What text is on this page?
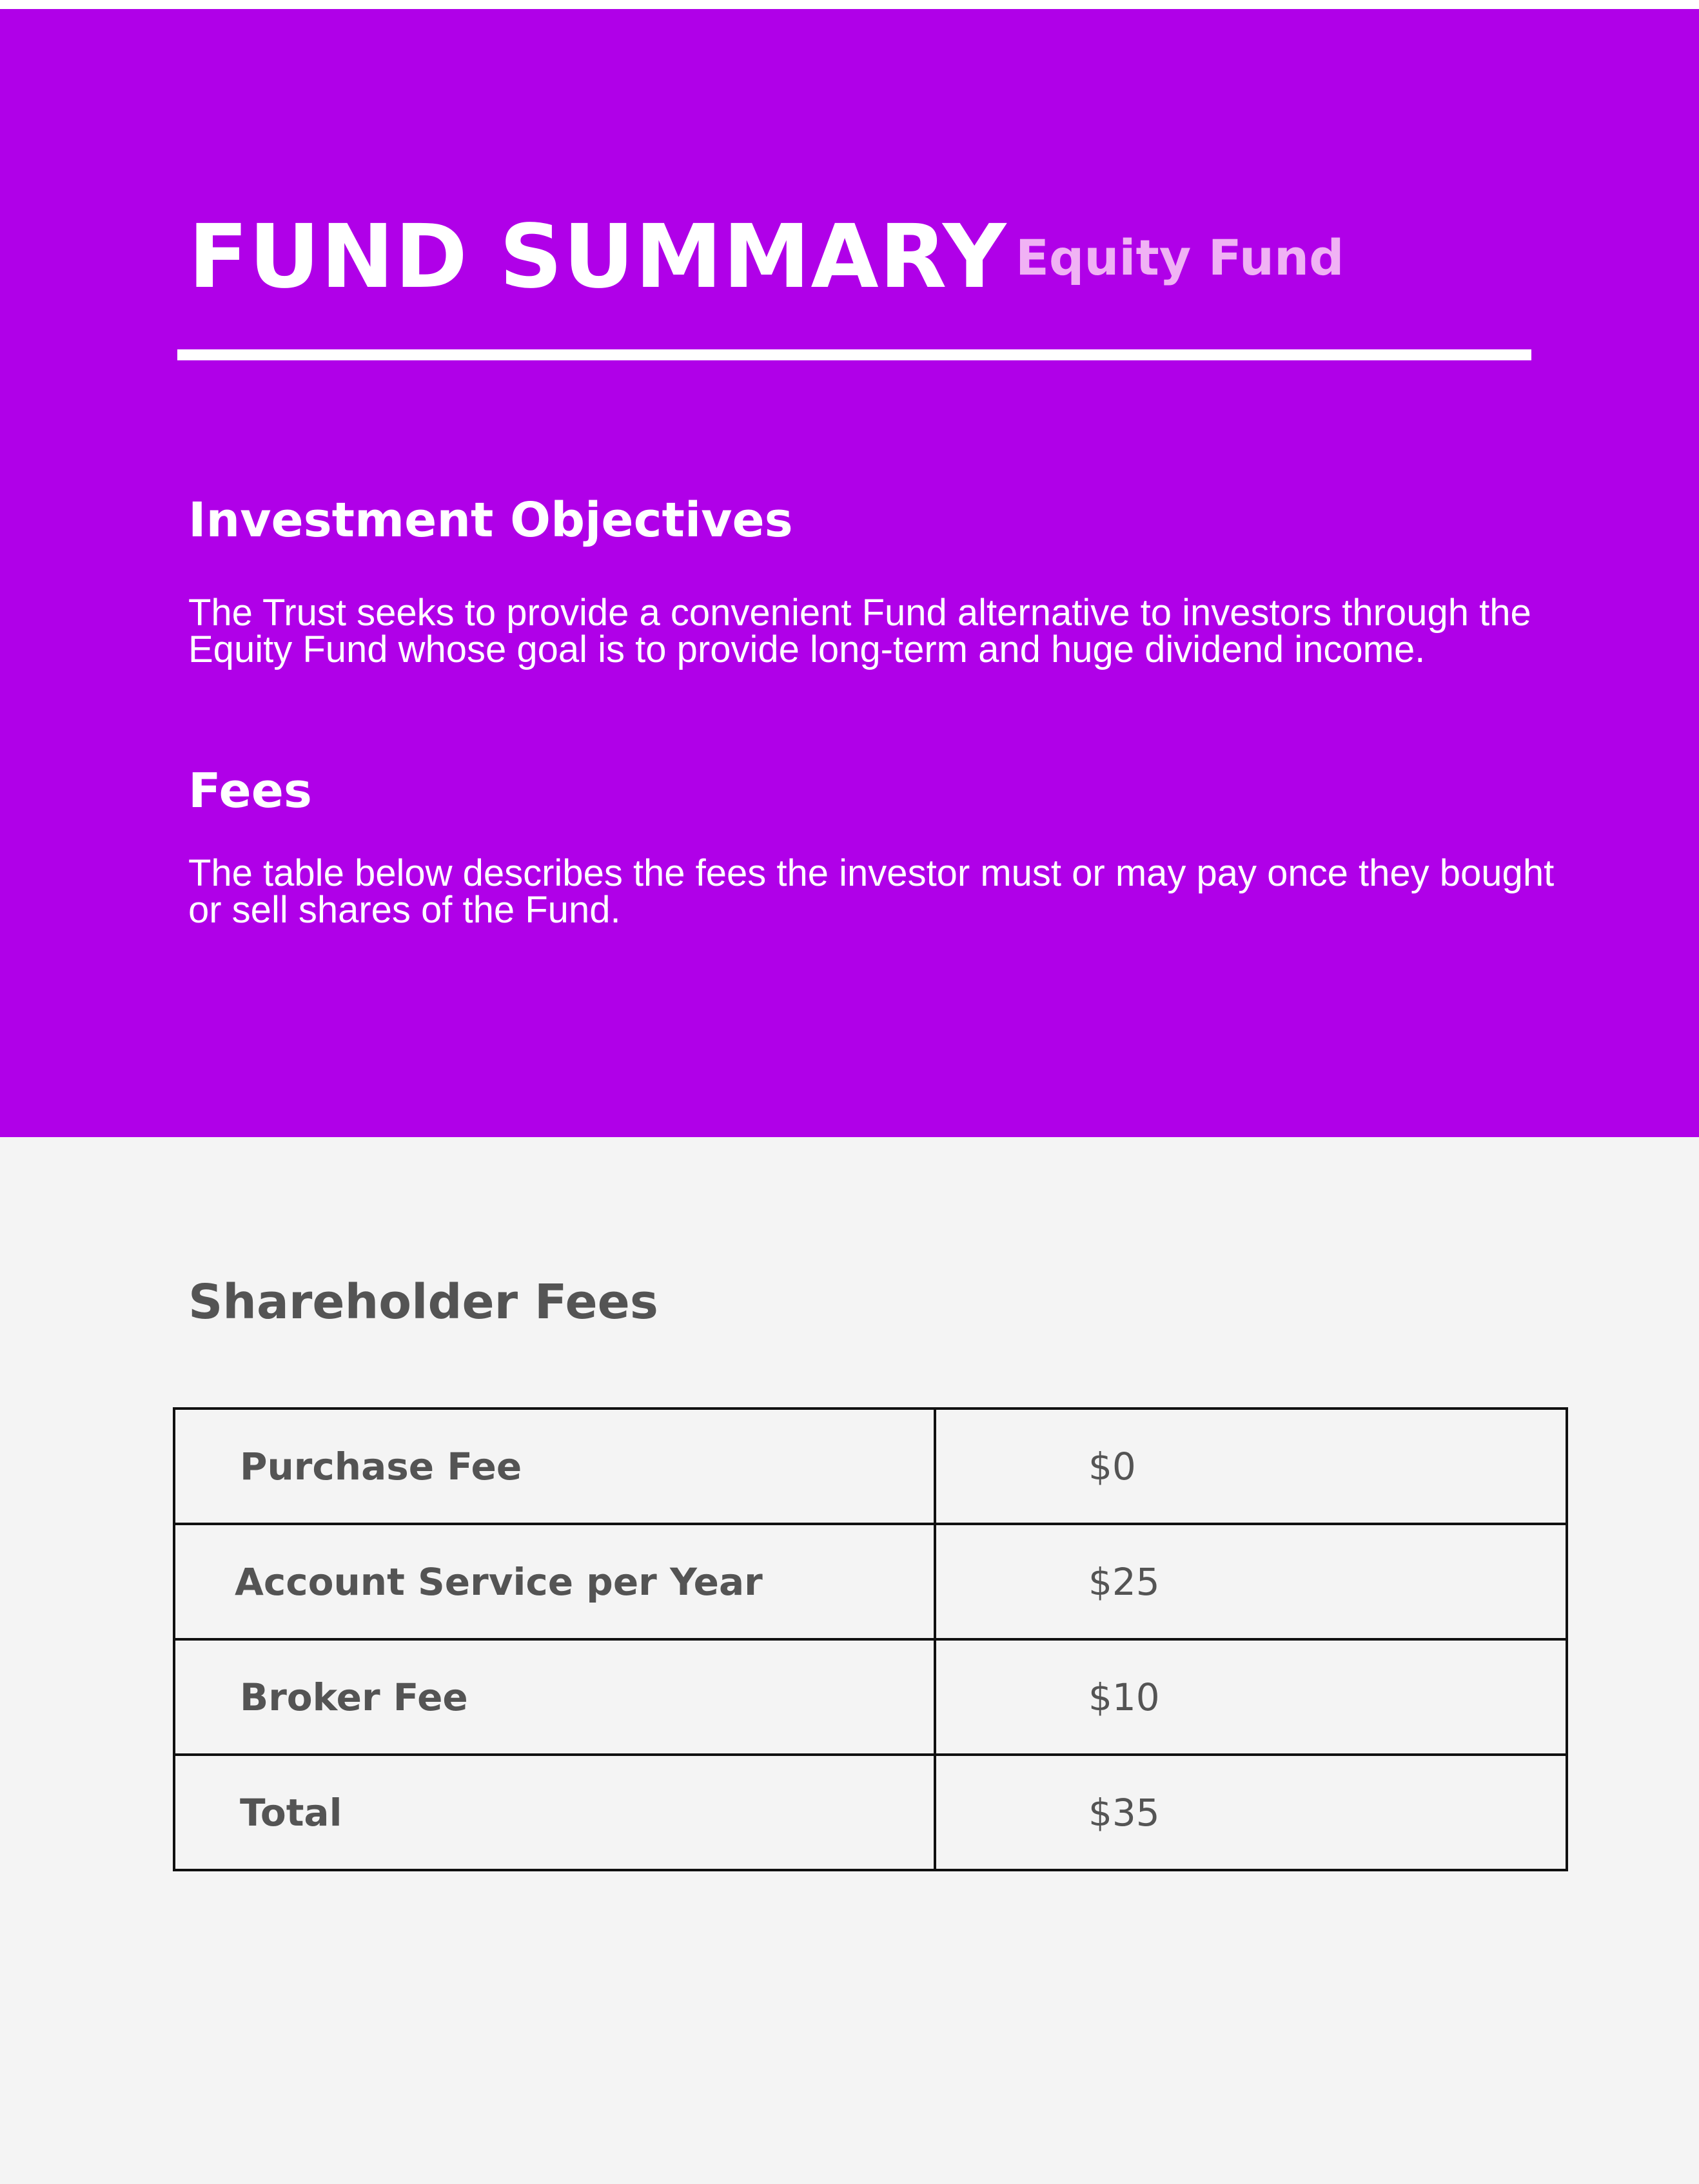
FUND SUMMARY Equity Fund
Investment Objectives

The Trust seeks to provide a convenient Fund alternative to investors through the Equity Fund whose goal is to provide long-term and huge dividend income.

Fees

The table below describes the fees the investor must or may pay once they bought or sell shares of the Fund.

Shareholder Fees
Purchase Fee	$0
Account Service per Year	$25
Broker Fee	$10
Total	$35
